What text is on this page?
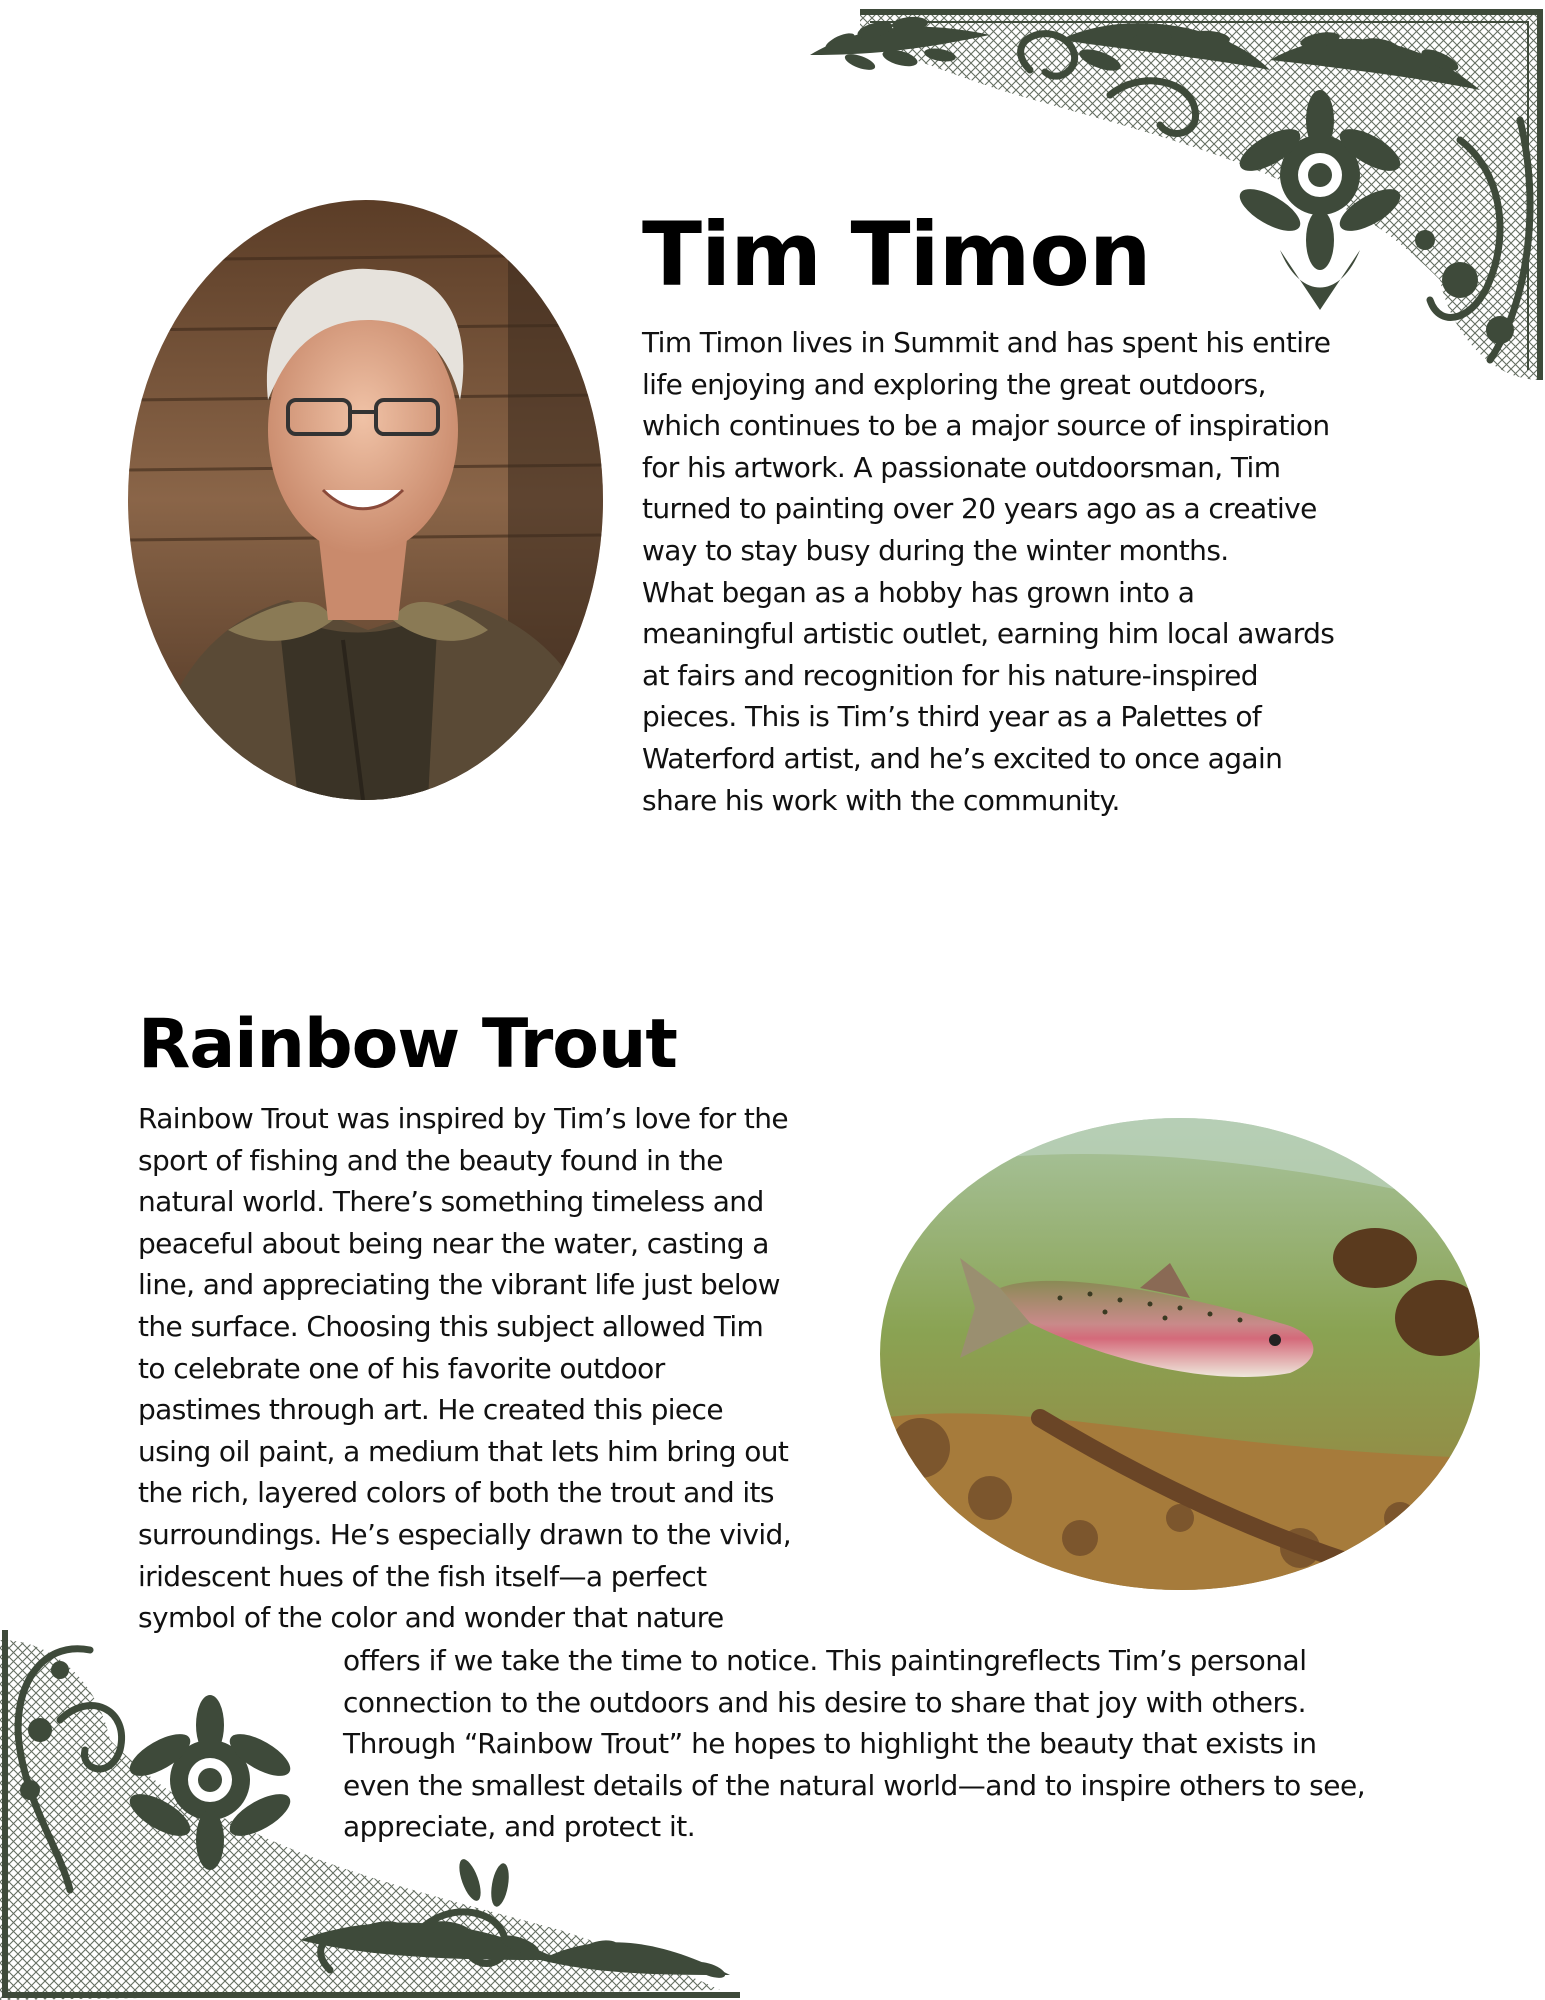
Tim Timon
Tim Timon lives in Summit and has spent his entire
life enjoying and exploring the great outdoors,
which continues to be a major source of inspiration
for his artwork. A passionate outdoorsman, Tim
turned to painting over 20 years ago as a creative
way to stay busy during the winter months.
What began as a hobby has grown into a
meaningful artistic outlet, earning him local awards
at fairs and recognition for his nature-inspired
pieces. This is Tim’s third year as a Palettes of
Waterford artist, and he’s excited to once again
share his work with the community.
Rainbow Trout
Rainbow Trout was inspired by Tim’s love for the
sport of fishing and the beauty found in the
natural world. There’s something timeless and
peaceful about being near the water, casting a
line, and appreciating the vibrant life just below
the surface. Choosing this subject allowed Tim
to celebrate one of his favorite outdoor
pastimes through art. He created this piece
using oil paint, a medium that lets him bring out
the rich, layered colors of both the trout and its
surroundings. He’s especially drawn to the vivid,
iridescent hues of the fish itself—a perfect
symbol of the color and wonder that nature
offers if we take the time to notice. This paintingreflects Tim’s personal
connection to the outdoors and his desire to share that joy with others.
Through “Rainbow Trout” he hopes to highlight the beauty that exists in
even the smallest details of the natural world—and to inspire others to see,
appreciate, and protect it.
